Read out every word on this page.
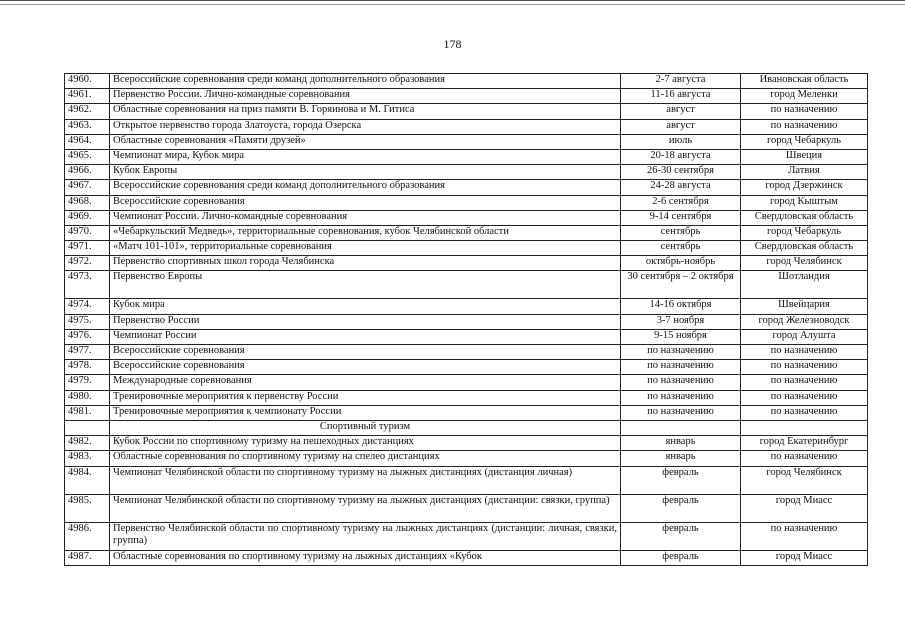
178
4960.	Всероссийские соревнования среди команд дополнительного образования	2-7 августа	Ивановская область
4961.	Первенство России. Лично-командные соревнования	11-16 августа	город Меленки
4962.	Областные соревнования на приз памяти В. Горяинова и М. Гитиса	август	по назначению
4963.	Открытое первенство города Златоуста, города Озерска	август	по назначению
4964.	Областные соревнования «Памяти друзей»	июль	город Чебаркуль
4965.	Чемпионат мира, Кубок мира	20-18 августа	Швеция
4966.	Кубок Европы	26-30 сентября	Латвия
4967.	Всероссийские соревнования среди команд дополнительного образования	24-28 августа	город Дзержинск
4968.	Всероссийские соревнования	2-6 сентября	город Кыштым
4969.	Чемпионат России. Лично-командные соревнования	9-14 сентября	Свердловская область
4970.	«Чебаркульский Медведь», территориальные соревнования, кубок Челябинской области	сентябрь	город Чебаркуль
4971.	«Матч 101-101», территориальные соревнования	сентябрь	Свердловская область
4972.	Первенство спортивных школ города Челябинска	октябрь-ноябрь	город Челябинск
4973.	Первенство Европы	30 сентября – 2 октября	Шотландия
4974.	Кубок мира	14-16 октября	Швейцария
4975.	Первенство России	3-7 ноября	город Железноводск
4976.	Чемпионат России	9-15 ноября	город Алушта
4977.	Всероссийские соревнования	по назначению	по назначению
4978.	Всероссийские соревнования	по назначению	по назначению
4979.	Международные соревнования	по назначению	по назначению
4980.	Тренировочные мероприятия к первенству России	по назначению	по назначению
4981.	Тренировочные мероприятия к чемпионату России	по назначению	по назначению
	Спортивный туризм		
4982.	Кубок России по спортивному туризму на пешеходных дистанциях	январь	город Екатеринбург
4983.	Областные соревнования по спортивному туризму на спелео дистанциях	январь	по назначению
4984.	Чемпионат Челябинской области по спортивному туризму на лыжных дистанциях (дистанция личная)	февраль	город Челябинск
4985.	Чемпионат Челябинской области по спортивному туризму на лыжных дистанциях (дистанции: связки, группа)	февраль	город Миасс
4986.	Первенство Челябинской области по спортивному туризму на лыжных дистанциях (дистанции: личная, связки, группа)	февраль	по назначению
4987.	Областные соревнования по спортивному туризму на лыжных дистанциях «Кубок	февраль	город Миасс
